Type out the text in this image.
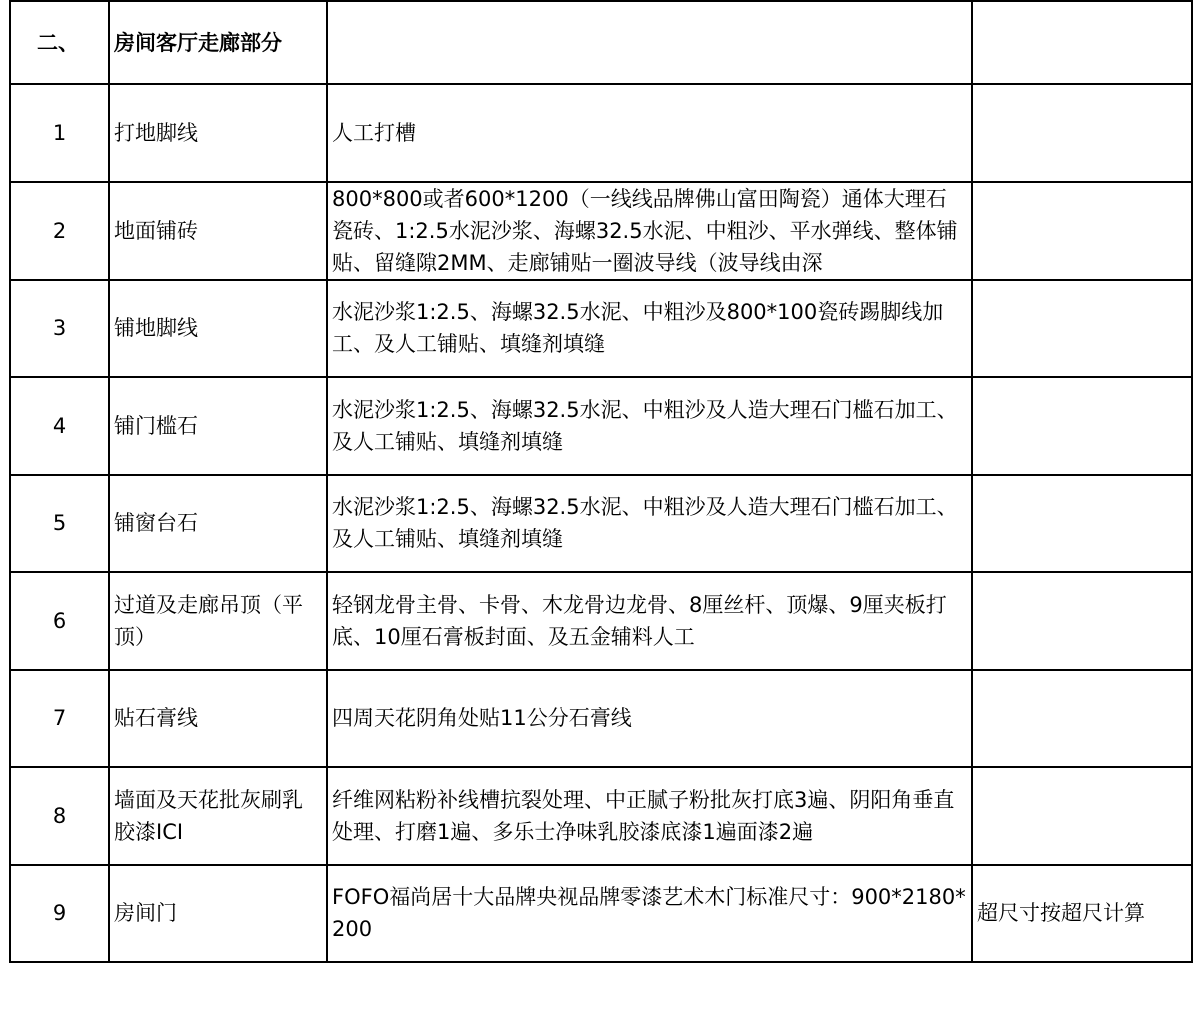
二、	房间客厅走廊部分		
1	打地脚线	人工打槽	
2	地面铺砖	800*800或者600*1200（一线线品牌佛山富田陶瓷）通体大理石瓷砖、1:2.5水泥沙浆、海螺32.5水泥、中粗沙、平水弹线、整体铺贴、留缝隙2MM、走廊铺贴一圈波导线（波导线由深	

3	铺地脚线	水泥沙浆1:2.5、海螺32.5水泥、中粗沙及800*100瓷砖踢脚线加工、及人工铺贴、填缝剂填缝	
4	铺门槛石	水泥沙浆1:2.5、海螺32.5水泥、中粗沙及人造大理石门槛石加工、及人工铺贴、填缝剂填缝	
5	铺窗台石	水泥沙浆1:2.5、海螺32.5水泥、中粗沙及人造大理石门槛石加工、及人工铺贴、填缝剂填缝	
6	过道及走廊吊顶（平顶）	轻钢龙骨主骨、卡骨、木龙骨边龙骨、8厘丝杆、顶爆、9厘夹板打底、10厘石膏板封面、及五金辅料人工	
7	贴石膏线	四周天花阴角处贴11公分石膏线	
8	墙面及天花批灰刷乳胶漆ICI	纤维网粘粉补线槽抗裂处理、中正腻子粉批灰打底3遍、阴阳角垂直处理、打磨1遍、多乐士净味乳胶漆底漆1遍面漆2遍	
9	房间门	FOFO福尚居十大品牌央视品牌零漆艺术木门标准尺寸：900*2180*200	超尺寸按超尺计算
